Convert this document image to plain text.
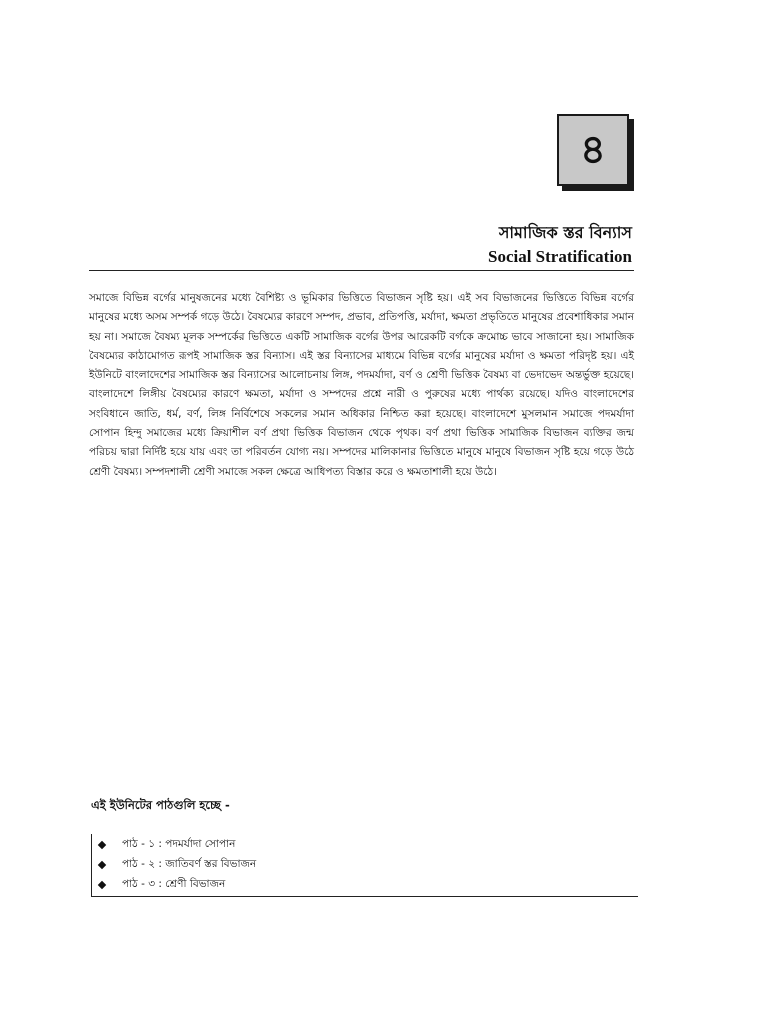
৪
সামাজিক স্তর বিন্যাস
Social Stratification

সমাজে বিভিন্ন বর্গের মানুষজনের মধ্যে বৈশিষ্ট্য ও ভূমিকার ভিত্তিতে বিভাজন সৃষ্টি হয়। এই সব বিভাজনের ভিত্তিতে বিভিন্ন বর্গের মানুষের মধ্যে অসম সম্পর্ক গড়ে উঠে। বৈষম্যের কারণে সম্পদ, প্রভাব, প্রতিপত্তি, মর্যাদা, ক্ষমতা প্রভৃতিতে মানুষের প্রবেশাধিকার সমান হয় না। সমাজে বৈষম্য মূলক সম্পর্কের ভিত্তিতে একটি সামাজিক বর্গের উপর আরেকটি বর্গকে ক্রমোচ্চ ভাবে সাজানো হয়। সামাজিক বৈষম্যের কাঠামোগত রূপই সামাজিক স্তর বিন্যাস। এই স্তর বিন্যাসের মাধ্যমে বিভিন্ন বর্গের মানুষের মর্যাদা ও ক্ষমতা পরিদৃষ্ট হয়। এই ইউনিটে বাংলাদেশের সামাজিক স্তর বিন্যাসের আলোচনায় লিঙ্গ, পদমর্যাদা, বর্ণ ও শ্রেণী ভিত্তিক বৈষম্য বা ভেদাভেদ অন্তর্ভুক্ত হয়েছে। বাংলাদেশে লিঙ্গীয় বৈষম্যের কারণে ক্ষমতা, মর্যাদা ও সম্পদের প্রশ্নে নারী ও পুরুষের মধ্যে পার্থক্য রয়েছে। যদিও বাংলাদেশের সংবিধানে জাতি, ধর্ম, বর্ণ, লিঙ্গ নির্বিশেষে সকলের সমান অধিকার নিশ্চিত করা হয়েছে। বাংলাদেশে মুসলমান সমাজে পদমর্যাদা সোপান হিন্দু সমাজের মধ্যে ক্রিয়াশীল বর্ণ প্রথা ভিত্তিক বিভাজন থেকে পৃথক। বর্ণ প্রথা ভিত্তিক সামাজিক বিভাজন ব্যক্তির জন্ম পরিচয় দ্বারা নির্দিষ্ট হয়ে যায় এবং তা পরিবর্তন যোগ্য নয়। সম্পদের মালিকানার ভিত্তিতে মানুষে মানুষে বিভাজন সৃষ্টি হয়ে গড়ে উঠে শ্রেণী বৈষম্য। সম্পদশালী শ্রেণী সমাজে সকল ক্ষেত্রে আধিপত্য বিস্তার করে ও ক্ষমতাশালী হয়ে উঠে।

এই ইউনিটের পাঠগুলি হচ্ছে -
পাঠ - ১ : পদমর্যাদা সোপান
পাঠ - ২ : জাতিবর্ণ স্তর বিভাজন
পাঠ - ৩ : শ্রেণী বিভাজন
